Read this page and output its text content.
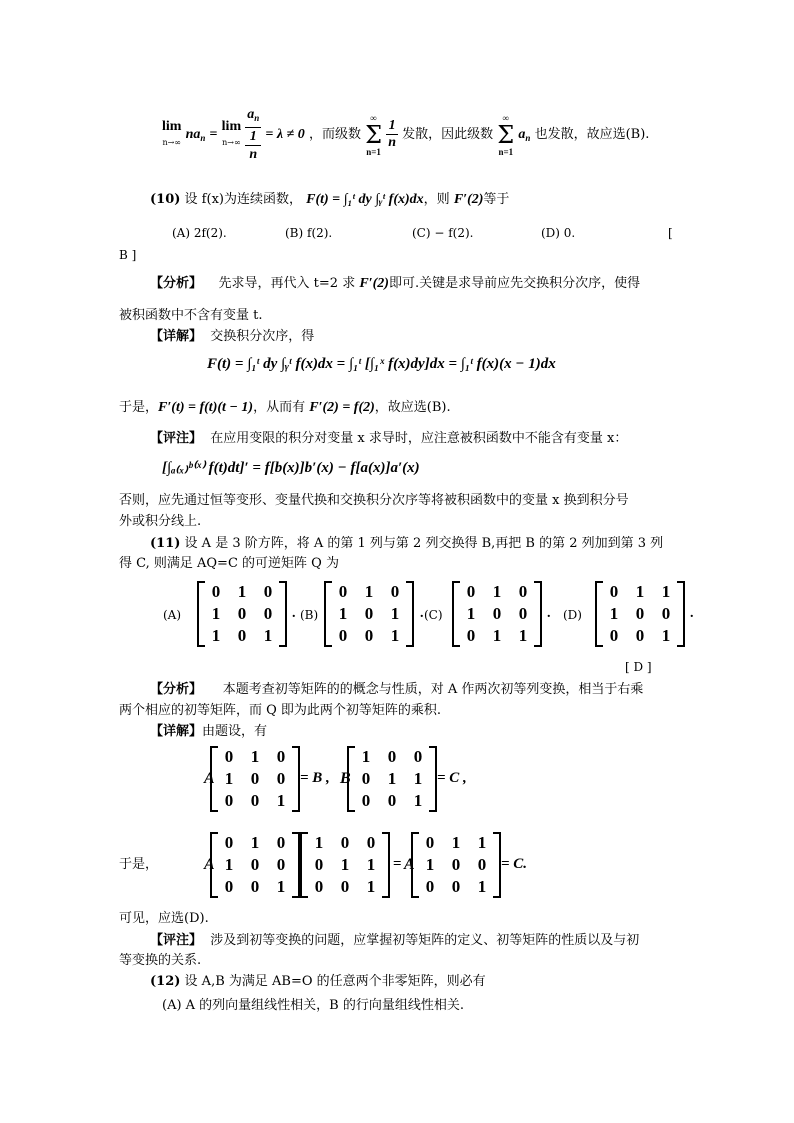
lim
$_{n\to\infty}$ $na_n = \lim$
$_{n\to\infty}$
$a_n$
1
n
= λ ≠ 0 ，而级数
∞
Σ
n=1

$\frac{1}{n}$ 发散，因此级数
∞
Σ
n=1
$a_n$ 也发散，故应选(B).
(10) 设 f(x)为连续函数， F(t) = ∫₁ᵗ dy ∫ᵧᵗ f(x)dx，则 F′(2)等于
(A) 2f(2).	(B) f(2).	(C) − f(2).	(D) 0.	[
B ]
【分析】 先求导，再代入 t=2 求 F′(2)即可.关键是求导前应先交换积分次序，使得
被积函数中不含有变量 t.
【详解】 交换积分次序，得
F(t) = ∫₁ᵗ dy ∫ᵧᵗ f(x)dx = ∫₁ᵗ [∫₁ˣ f(x)dy]dx = ∫₁ᵗ f(x)(x − 1)dx
于是，F′(t) = f(t)(t − 1)，从而有 F′(2) = f(2)，故应选(B).
【评注】 在应用变限的积分对变量 x 求导时，应注意被积函数中不能含有变量 x：
[∫ₐ₍ₓ₎ᵇ⁽ˣ⁾ f(t)dt]′ = f[b(x)]b′(x) − f[a(x)]a′(x)
否则，应先通过恒等变形、变量代换和交换积分次序等将被积函数中的变量 x 换到积分号
外或积分线上.
(11) 设 A 是 3 阶方阵，将 A 的第 1 列与第 2 列交换得 B,再把 B 的第 2 列加到第 3 列
得 C, 则满足 AQ=C 的可逆矩阵 Q 为
(A)
0	1	0
1	0	0
1	0	1
. (B)
0	1	0
1	0	1
0	0	1
. (C)
0	1	0
1	0	0
0	1	1
. (D)
0	1	1
1	0	0
0	0	1
.
[ D ]
【分析】 本题考查初等矩阵的的概念与性质，对 A 作两次初等列变换，相当于右乘
两个相应的初等矩阵，而 Q 即为此两个初等矩阵的乘积.
【详解】由题设，有
A
0	1	0
1	0	0
0	0	1
= B , B
1	0	0
0	1	1
0	0	1
= C ,
于是，	A
0	1	0
1	0	0
0	0	1
1	0	0
0	1	1
0	0	1
= A
0	1	1
1	0	0
0	0	1
= C.
可见，应选(D).
【评注】 涉及到初等变换的问题，应掌握初等矩阵的定义、初等矩阵的性质以及与初
等变换的关系.
(12) 设 A,B 为满足 AB=O 的任意两个非零矩阵，则必有
(A) A 的列向量组线性相关，B 的行向量组线性相关.
